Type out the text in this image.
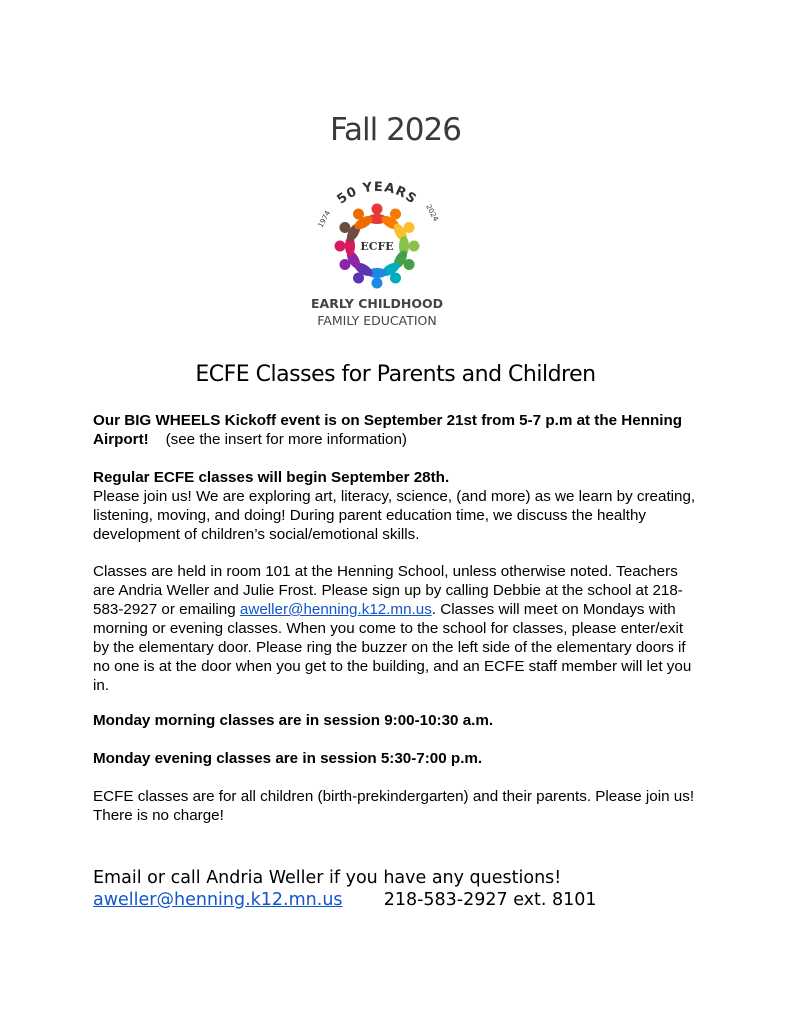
Fall 2026
50 YEARS
1974	2024
ECFE
EARLY CHILDHOOD
FAMILY EDUCATION
ECFE Classes for Parents and Children

Our BIG WHEELS Kickoff event is on September 21st from 5-7 p.m at the Henning Airport! (see the insert for more information)

Regular ECFE classes will begin September 28th.

Please join us! We are exploring art, literacy, science, (and more) as we learn by creating, listening, moving, and doing! During parent education time, we discuss the healthy development of children’s social/emotional skills.

Classes are held in room 101 at the Henning School, unless otherwise noted. Teachers are Andria Weller and Julie Frost. Please sign up by calling Debbie at the school at 218-583-2927 or emailing aweller@henning.k12.mn.us. Classes will meet on Mondays with morning or evening classes. When you come to the school for classes, please enter/exit by the elementary door. Please ring the buzzer on the left side of the elementary doors if no one is at the door when you get to the building, and an ECFE staff member will let you in.

Monday morning classes are in session 9:00-10:30 a.m.

Monday evening classes are in session 5:30-7:00 p.m.

ECFE classes are for all children (birth-prekindergarten) and their parents. Please join us! There is no charge!

Email or call Andria Weller if you have any questions!
aweller@henning.k12.mn.us 218-583-2927 ext. 8101
